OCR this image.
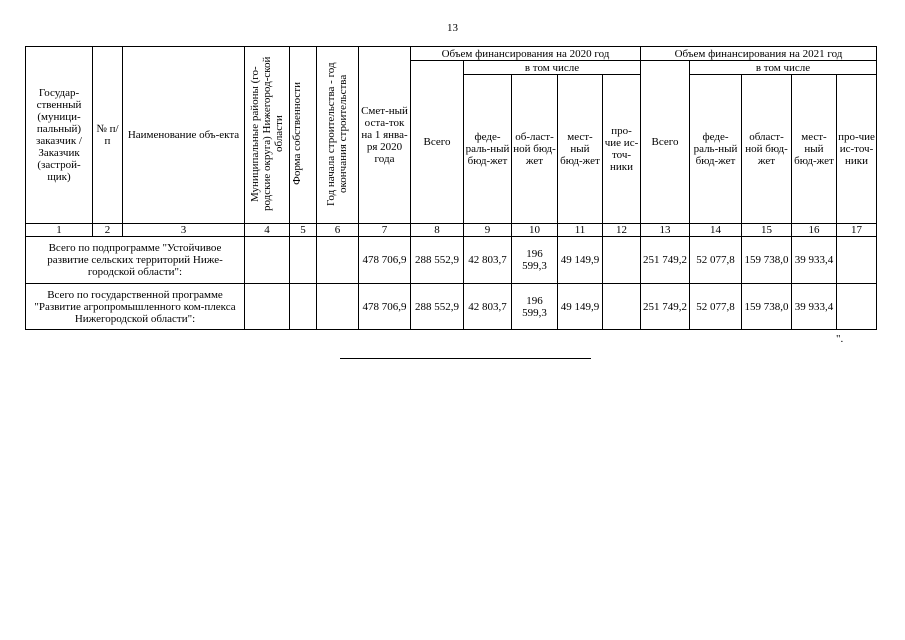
13
Государ-ственный (муници-пальный) заказчик / Заказчик (застрой-щик)	№ п/п	Наименование объ-екта	Муниципальные районы (го-родские округа) Нижегород-ской области	Форма собственности	Год начала строительства - год окончания строительства	Смет-ный оста-ток на 1 янва-ря 2020 года	Объем финансирования на 2020 год					Объем финансирования на 2021 год				
							Всего	в том числе				Всего	в том числе			
								феде-раль-ный бюд-жет	об-ласт-ной бюд-жет	мест-ный бюд-жет	про-чие ис-точ-ники		феде-раль-ный бюд-жет	област-ной бюд-жет	мест-ный бюд-жет	про-чие ис-точ-ники
1	2	3	4	5	6	7	8	9	10	11	12	13	14	15	16	17
Всего по подпрограмме "Устойчивое развитие сельских территорий Ниже-городской области":						478 706,9	288 552,9	42 803,7	196 599,3	49 149,9		251 749,2	52 077,8	159 738,0	39 933,4	
Всего по государственной программе "Развитие агропромышленного ком-плекса Нижегородской области":						478 706,9	288 552,9	42 803,7	196 599,3	49 149,9		251 749,2	52 077,8	159 738,0	39 933,4	
".
